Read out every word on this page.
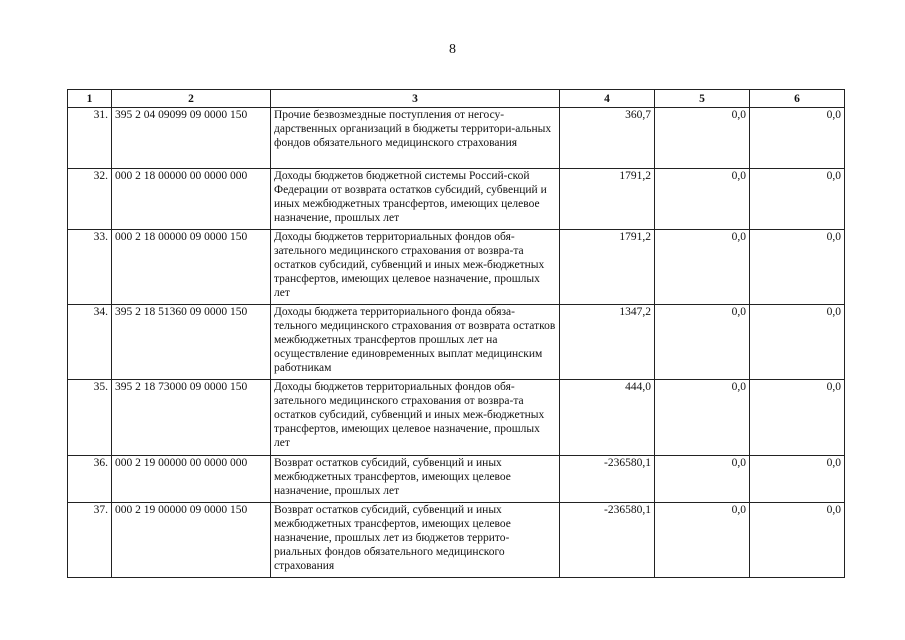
8
1	2	3	4	5	6
31.	395 2 04 09099 09 0000 150	Прочие безвозмездные поступления от негосу-дарственных организаций в бюджеты территори-альных фондов обязательного медицинского страхования	360,7	0,0	0,0
32.	000 2 18 00000 00 0000 000	Доходы бюджетов бюджетной системы Россий-ской Федерации от возврата остатков субсидий, субвенций и иных межбюджетных трансфертов, имеющих целевое назначение, прошлых лет	1791,2	0,0	0,0
33.	000 2 18 00000 09 0000 150	Доходы бюджетов территориальных фондов обя-зательного медицинского страхования от возвра-та остатков субсидий, субвенций и иных меж-бюджетных трансфертов, имеющих целевое назначение, прошлых лет	1791,2	0,0	0,0
34.	395 2 18 51360 09 0000 150	Доходы бюджета территориального фонда обяза-тельного медицинского страхования от возврата остатков межбюджетных трансфертов прошлых лет на осуществление единовременных выплат медицинским работникам	1347,2	0,0	0,0
35.	395 2 18 73000 09 0000 150	Доходы бюджетов территориальных фондов обя-зательного медицинского страхования от возвра-та остатков субсидий, субвенций и иных меж-бюджетных трансфертов, имеющих целевое назначение, прошлых лет	444,0	0,0	0,0
36.	000 2 19 00000 00 0000 000	Возврат остатков субсидий, субвенций и иных межбюджетных трансфертов, имеющих целевое назначение, прошлых лет	-236580,1	0,0	0,0
37.	000 2 19 00000 09 0000 150	Возврат остатков субсидий, субвенций и иных межбюджетных трансфертов, имеющих целевое назначение, прошлых лет из бюджетов террито-риальных фондов обязательного медицинского страхования	-236580,1	0,0	0,0
